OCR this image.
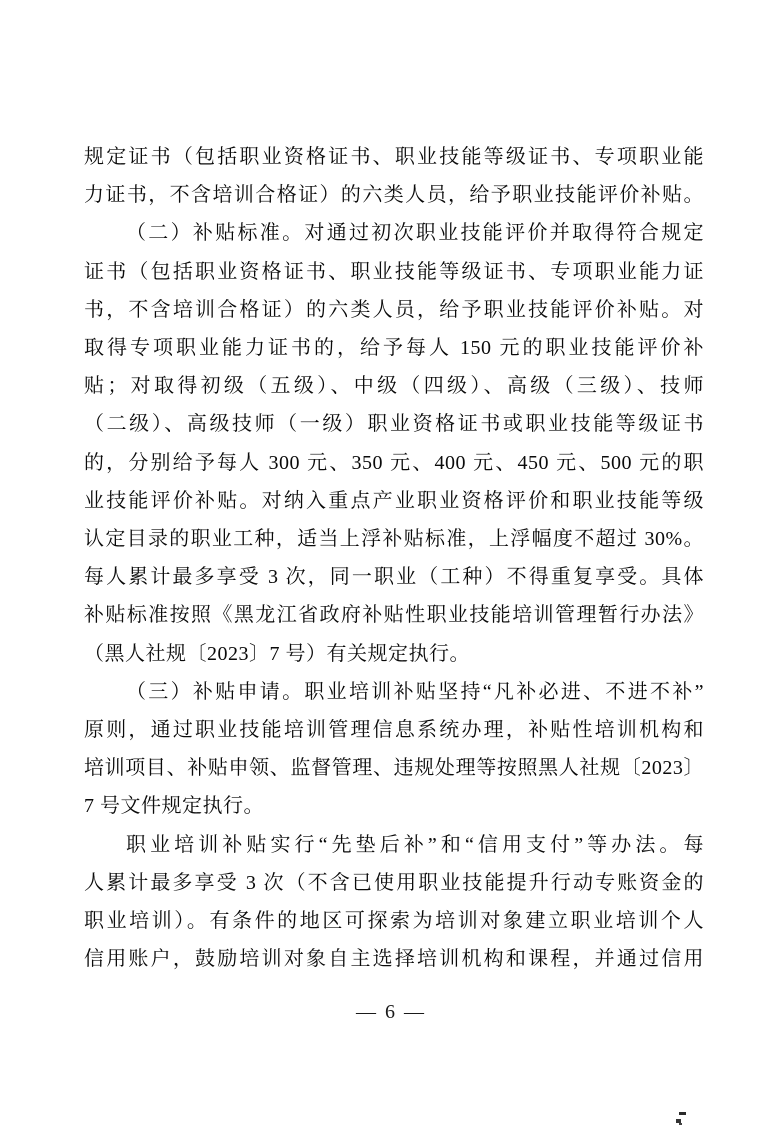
规定证书（包括职业资格证书、职业技能等级证书、专项职业能
力证书，不含培训合格证）的六类人员，给予职业技能评价补贴。
（二）补贴标准。对通过初次职业技能评价并取得符合规定
证书（包括职业资格证书、职业技能等级证书、专项职业能力证
书，不含培训合格证）的六类人员，给予职业技能评价补贴。对
取得专项职业能力证书的，给予每人 150 元的职业技能评价补
贴；对取得初级（五级）、中级（四级）、高级（三级）、技师
（二级）、高级技师（一级）职业资格证书或职业技能等级证书
的，分别给予每人 300 元、350 元、400 元、450 元、500 元的职
业技能评价补贴。对纳入重点产业职业资格评价和职业技能等级
认定目录的职业工种，适当上浮补贴标准，上浮幅度不超过 30%。
每人累计最多享受 3 次，同一职业（工种）不得重复享受。具体
补贴标准按照《黑龙江省政府补贴性职业技能培训管理暂行办法》
（黑人社规〔2023〕7 号）有关规定执行。
（三）补贴申请。职业培训补贴坚持“凡补必进、不进不补”
原则，通过职业技能培训管理信息系统办理，补贴性培训机构和
培训项目、补贴申领、监督管理、违规处理等按照黑人社规〔2023〕
7 号文件规定执行。
职业培训补贴实行“先垫后补”和“信用支付”等办法。每
人累计最多享受 3 次（不含已使用职业技能提升行动专账资金的
职业培训）。有条件的地区可探索为培训对象建立职业培训个人
信用账户，鼓励培训对象自主选择培训机构和课程，并通过信用
— 6 —
